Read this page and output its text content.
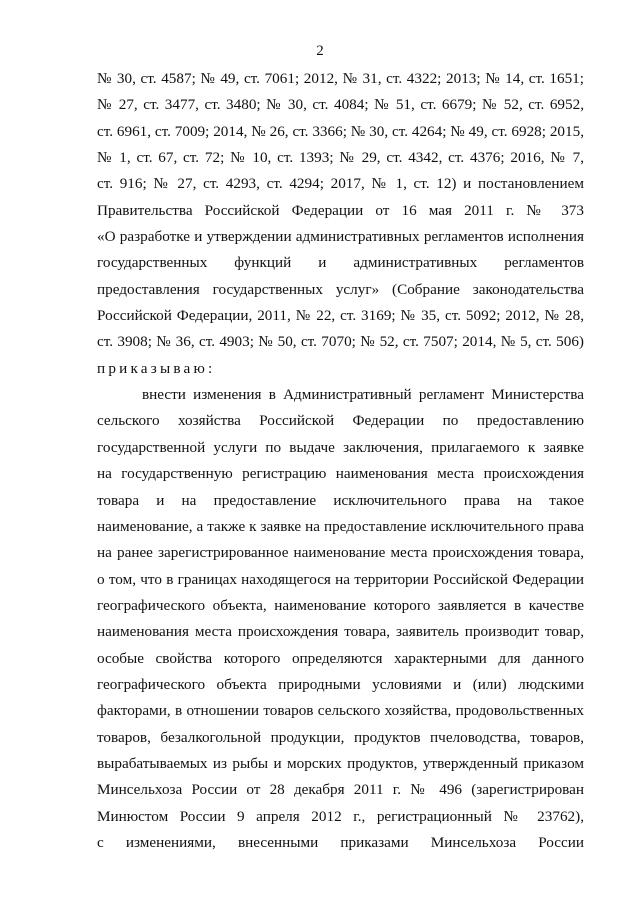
2
№ 30, ст. 4587; № 49, ст. 7061; 2012, № 31, ст. 4322; 2013; № 14, ст. 1651;
№ 27, ст. 3477, ст. 3480; № 30, ст. 4084; № 51, ст. 6679; № 52, ст. 6952,
ст. 6961, ст. 7009; 2014, № 26, ст. 3366; № 30, ст. 4264; № 49, ст. 6928; 2015,
№ 1, ст. 67, ст. 72; № 10, ст. 1393; № 29, ст. 4342, ст. 4376; 2016, № 7,
ст. 916; № 27, ст. 4293, ст. 4294; 2017, № 1, ст. 12) и постановлением
Правительства Российской Федерации от 16 мая 2011 г. № 373
«О разработке и утверждении административных регламентов исполнения
государственных функций и административных регламентов
предоставления государственных услуг» (Собрание законодательства
Российской Федерации, 2011, № 22, ст. 3169; № 35, ст. 5092; 2012, № 28,
ст. 3908; № 36, ст. 4903; № 50, ст. 7070; № 52, ст. 7507; 2014, № 5, ст. 506)
приказываю:
внести изменения в Административный регламент Министерства
сельского хозяйства Российской Федерации по предоставлению
государственной услуги по выдаче заключения, прилагаемого к заявке
на государственную регистрацию наименования места происхождения
товара и на предоставление исключительного права на такое
наименование, а также к заявке на предоставление исключительного права
на ранее зарегистрированное наименование места происхождения товара,
о том, что в границах находящегося на территории Российской Федерации
географического объекта, наименование которого заявляется в качестве
наименования места происхождения товара, заявитель производит товар,
особые свойства которого определяются характерными для данного
географического объекта природными условиями и (или) людскими
факторами, в отношении товаров сельского хозяйства, продовольственных
товаров, безалкогольной продукции, продуктов пчеловодства, товаров,
вырабатываемых из рыбы и морских продуктов, утвержденный приказом
Минсельхоза России от 28 декабря 2011 г. № 496 (зарегистрирован
Минюстом России 9 апреля 2012 г., регистрационный № 23762),
с изменениями, внесенными приказами Минсельхоза России
